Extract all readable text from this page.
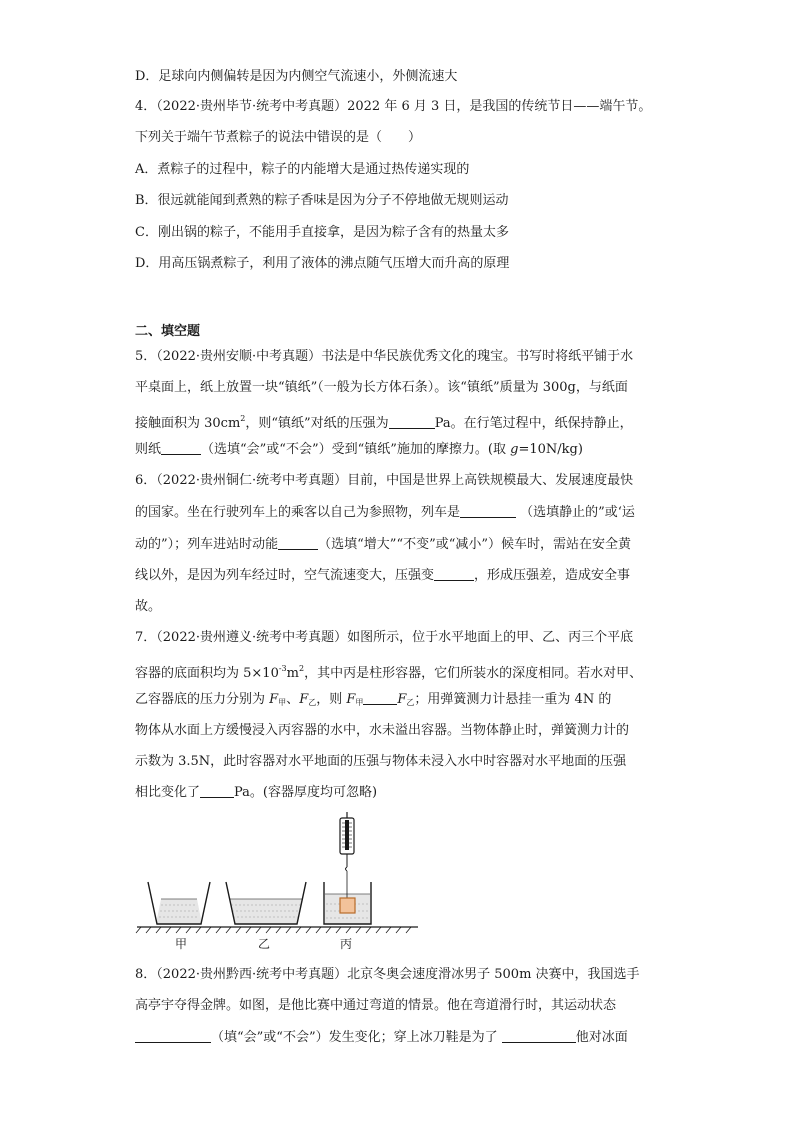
D．足球向内侧偏转是因为内侧空气流速小，外侧流速大
4．（2022·贵州毕节·统考中考真题）2022 年 6 月 3 日，是我国的传统节日——端午节。
下列关于端午节煮粽子的说法中错误的是（　　）
A．煮粽子的过程中，粽子的内能增大是通过热传递实现的
B．很远就能闻到煮熟的粽子香味是因为分子不停地做无规则运动
C．刚出锅的粽子，不能用手直接拿，是因为粽子含有的热量太多
D．用高压锅煮粽子，利用了液体的沸点随气压增大而升高的原理
二、填空题
5．（2022·贵州安顺·中考真题）书法是中华民族优秀文化的瑰宝。书写时将纸平铺于水
平桌面上，纸上放置一块“镇纸”（一般为长方体石条）。该“镇纸”质量为 300g，与纸面
接触面积为 $30cm^2$，则“镇纸”对纸的压强为	Pa。在行笔过程中，纸保持静止，
则纸	（选填“会”或“不会”）受到“镇纸”施加的摩擦力。(取 g=10N/kg)
6．（2022·贵州铜仁·统考中考真题）目前，中国是世界上高铁规模最大、发展速度最快
的国家。坐在行驶列车上的乘客以自己为参照物，列车是	（选填静止的”或‘运
动的”）；列车进站时动能	（选填“增大”“不变”或“减小”）候车时，需站在安全黄
线以外，是因为列车经过时，空气流速变大，压强变	，形成压强差，造成安全事
故。
7．（2022·贵州遵义·统考中考真题）如图所示，位于水平地面上的甲、乙、丙三个平底
容器的底面积均为 $5\times 10^{-3}m^2$，其中丙是柱形容器，它们所装水的深度相同。若水对甲、
乙容器底的压力分别为 $F_甲$、$F_乙$，则 $F_甲$	$F_乙$；用弹簧测力计悬挂一重为 4N 的
物体从水面上方缓慢浸入丙容器的水中，水未溢出容器。当物体静止时，弹簧测力计的
示数为 3.5N，此时容器对水平地面的压强与物体未浸入水中时容器对水平地面的压强
相比变化了	Pa。(容器厚度均可忽略)
甲	乙	丙
8．（2022·贵州黔西·统考中考真题）北京冬奥会速度滑冰男子 500m 决赛中，我国选手
高亭宇夺得金牌。如图，是他比赛中通过弯道的情景。他在弯道滑行时，其运动状态
（填“会”或“不会”）发生变化；穿上冰刀鞋是为了	他对冰面
